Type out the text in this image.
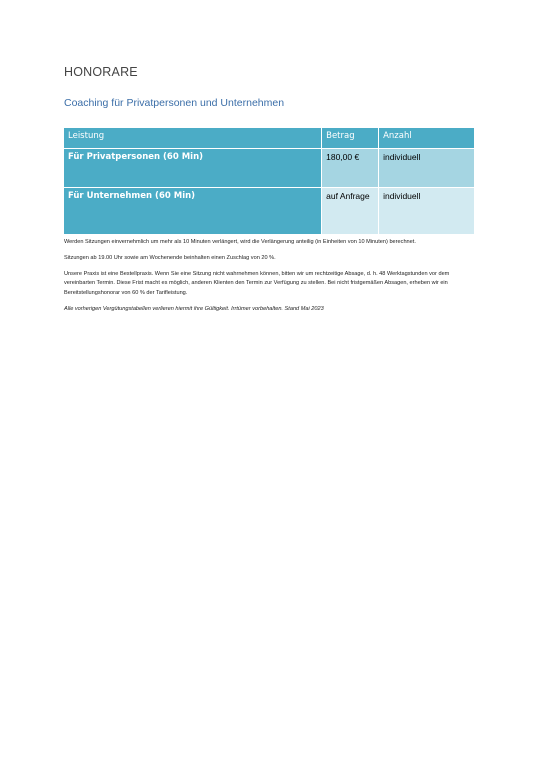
HONORARE
Coaching für Privatpersonen und Unternehmen
Leistung	Betrag	Anzahl
Für Privatpersonen (60 Min)	180,00 €	individuell
Für Unternehmen (60 Min)	auf Anfrage	individuell

Werden Sitzungen einvernehmlich um mehr als 10 Minuten verlängert, wird die Verlängerung anteilig (in Einheiten von 10 Minuten) berechnet.

Sitzungen ab 19.00 Uhr sowie am Wochenende beinhalten einen Zuschlag von 20 %.

Unsere Praxis ist eine Bestellpraxis. Wenn Sie eine Sitzung nicht wahrnehmen können, bitten wir um rechtzeitige Absage, d. h. 48 Werktagstunden vor dem vereinbarten Termin. Diese Frist macht es möglich, anderen Klienten den Termin zur Verfügung zu stellen. Bei nicht fristgemäßen Absagen, erheben wir ein Bereitstellungshonorar von 60 % der Tarifleistung.

Alle vorherigen Vergütungstabellen verlieren hiermit ihre Gültigkeit. Irrtümer vorbehalten. Stand Mai 2023
